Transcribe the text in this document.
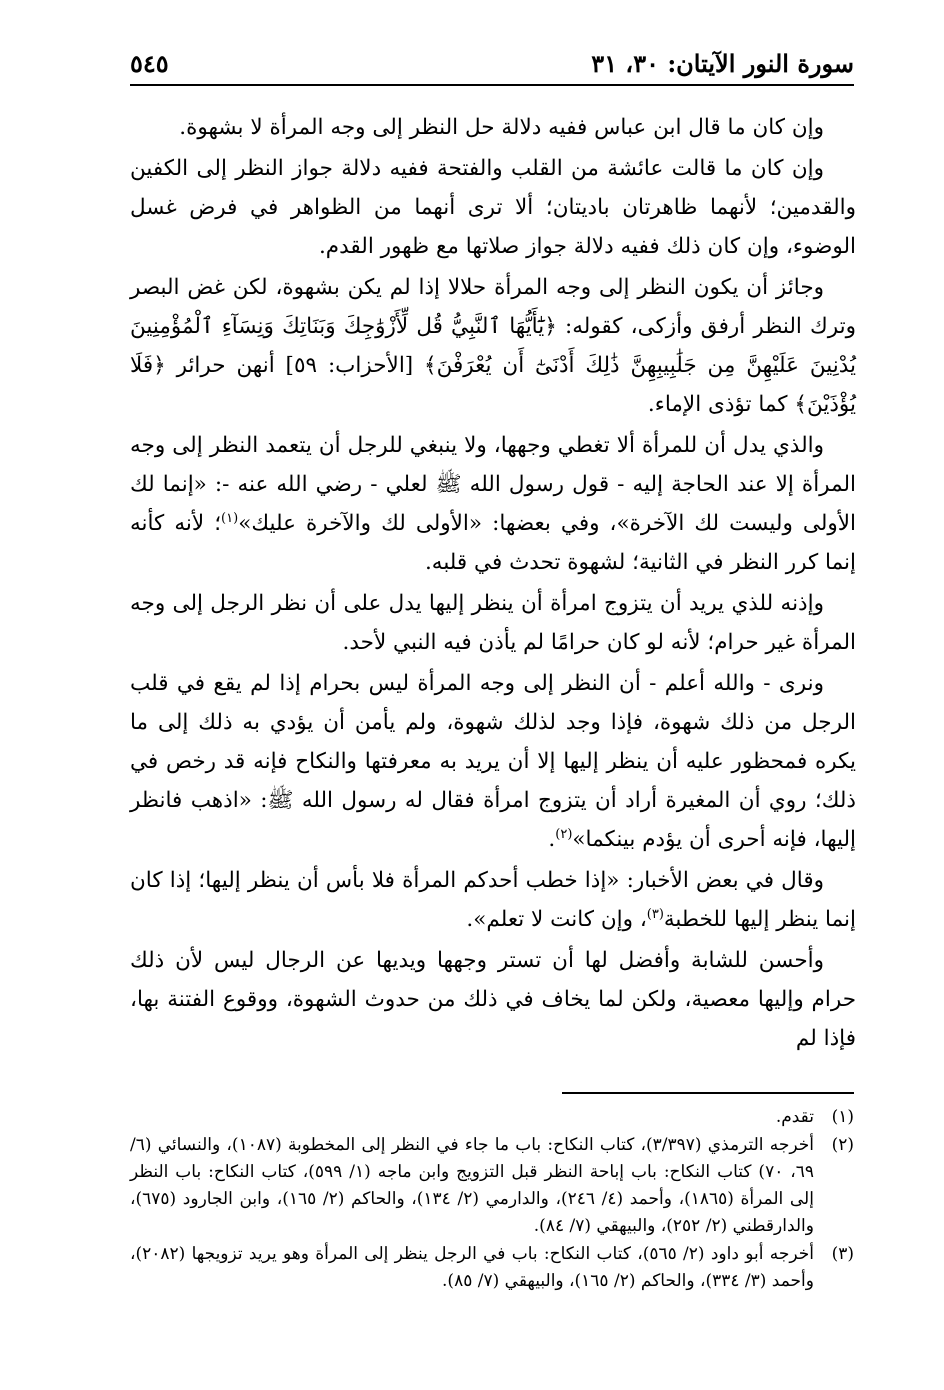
سورة النور الآيتان: ٣٠، ٣١
٥٤٥

وإن كان ما قال ابن عباس ففيه دلالة حل النظر إلى وجه المرأة لا بشهوة.

وإن كان ما قالت عائشة من القلب والفتحة ففيه دلالة جواز النظر إلى الكفين والقدمين؛ لأنهما ظاهرتان باديتان؛ ألا ترى أنهما من الظواهر في فرض غسل الوضوء، وإن كان ذلك ففيه دلالة جواز صلاتها مع ظهور القدم.

وجائز أن يكون النظر إلى وجه المرأة حلالا إذا لم يكن بشهوة، لكن غض البصر وترك النظر أرفق وأزكى، كقوله: ﴿يَٰٓأَيُّهَا ٱلنَّبِيُّ قُل لِّأَزْوَٰجِكَ وَبَنَاتِكَ وَنِسَآءِ ٱلْمُؤْمِنِينَ يُدْنِينَ عَلَيْهِنَّ مِن جَلَٰبِيبِهِنَّ ذَٰلِكَ أَدْنَىٰٓ أَن يُعْرَفْنَ﴾ [الأحزاب: ٥٩] أنهن حرائر ﴿فَلَا يُؤْذَيْنَ﴾ كما تؤذى الإماء.

والذي يدل أن للمرأة ألا تغطي وجهها، ولا ينبغي للرجل أن يتعمد النظر إلى وجه المرأة إلا عند الحاجة إليه - قول رسول الله ﷺ لعلي - رضي الله عنه -: «إنما لك الأولى وليست لك الآخرة»، وفي بعضها: «الأولى لك والآخرة عليك»$^{(١)}$؛ لأنه كأنه إنما كرر النظر في الثانية؛ لشهوة تحدث في قلبه.

وإذنه للذي يريد أن يتزوج امرأة أن ينظر إليها يدل على أن نظر الرجل إلى وجه المرأة غير حرام؛ لأنه لو كان حرامًا لم يأذن فيه النبي لأحد.

ونرى - والله أعلم - أن النظر إلى وجه المرأة ليس بحرام إذا لم يقع في قلب الرجل من ذلك شهوة، فإذا وجد لذلك شهوة، ولم يأمن أن يؤدي به ذلك إلى ما يكره فمحظور عليه أن ينظر إليها إلا أن يريد به معرفتها والنكاح فإنه قد رخص في ذلك؛ روي أن المغيرة أراد أن يتزوج امرأة فقال له رسول الله ﷺ: «اذهب فانظر إليها، فإنه أحرى أن يؤدم بينكما»$^{(٢)}$.

وقال في بعض الأخبار: «إذا خطب أحدكم المرأة فلا بأس أن ينظر إليها؛ إذا كان إنما ينظر إليها للخطبة$^{(٣)}$، وإن كانت لا تعلم».

وأحسن للشابة وأفضل لها أن تستر وجهها ويديها عن الرجال ليس لأن ذلك حرام وإليها معصية، ولكن لما يخاف في ذلك من حدوث الشهوة، ووقوع الفتنة بها، فإذا لم

(١)
تقدم.
(٢)
أخرجه الترمذي (٣/٣٩٧)، كتاب النكاح: باب ما جاء في النظر إلى المخطوبة (١٠٨٧)، والنسائي (٦/ ٦٩، ٧٠) كتاب النكاح: باب إباحة النظر قبل التزويج وابن ماجه (١/ ٥٩٩)، كتاب النكاح: باب النظر إلى المرأة (١٨٦٥)، وأحمد (٤/ ٢٤٦)، والدارمي (٢/ ١٣٤)، والحاكم (٢/ ١٦٥)، وابن الجارود (٦٧٥)، والدارقطني (٢/ ٢٥٢)، والبيهقي (٧/ ٨٤).
(٣)
أخرجه أبو داود (٢/ ٥٦٥)، كتاب النكاح: باب في الرجل ينظر إلى المرأة وهو يريد تزويجها (٢٠٨٢)، وأحمد (٣/ ٣٣٤)، والحاكم (٢/ ١٦٥)، والبيهقي (٧/ ٨٥).
